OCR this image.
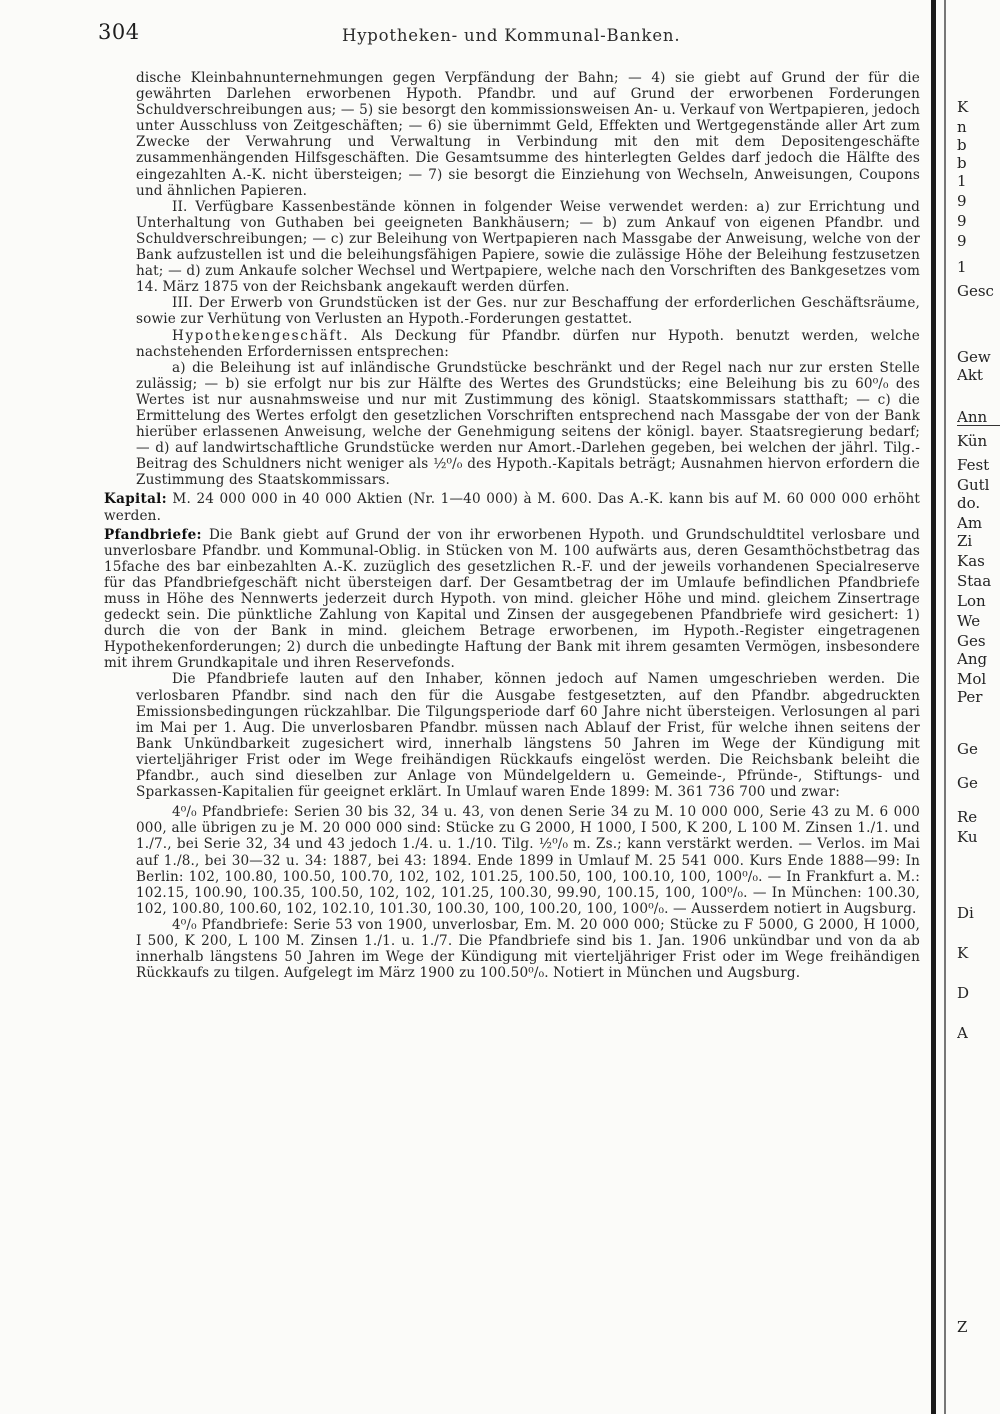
304	Hypotheken- und Kommunal-Banken.

dische Kleinbahnunternehmungen gegen Verpfändung der Bahn; — 4) sie giebt auf Grund der für die gewährten Darlehen erworbenen Hypoth. Pfandbr. und auf Grund der erworbenen Forderungen Schuldverschreibungen aus; — 5) sie besorgt den kommissionsweisen An- u. Verkauf von Wertpapieren, jedoch unter Ausschluss von Zeitgeschäften; — 6) sie übernimmt Geld, Effekten und Wertgegenstände aller Art zum Zwecke der Verwahrung und Verwaltung in Verbindung mit den mit dem Depositengeschäfte zusammenhängenden Hilfsgeschäften. Die Gesamtsumme des hinterlegten Geldes darf jedoch die Hälfte des eingezahlten A.-K. nicht übersteigen; — 7) sie besorgt die Einziehung von Wechseln, Anweisungen, Coupons und ähnlichen Papieren.

II. Verfügbare Kassenbestände können in folgender Weise verwendet werden: a) zur Errichtung und Unterhaltung von Guthaben bei geeigneten Bankhäusern; — b) zum Ankauf von eigenen Pfandbr. und Schuldverschreibungen; — c) zur Beleihung von Wertpapieren nach Massgabe der Anweisung, welche von der Bank aufzustellen ist und die beleihungsfähigen Papiere, sowie die zulässige Höhe der Beleihung festzusetzen hat; — d) zum Ankaufe solcher Wechsel und Wertpapiere, welche nach den Vorschriften des Bankgesetzes vom 14. März 1875 von der Reichsbank angekauft werden dürfen.

III. Der Erwerb von Grundstücken ist der Ges. nur zur Beschaffung der erforderlichen Geschäftsräume, sowie zur Verhütung von Verlusten an Hypoth.-Forderungen gestattet.

Hypothekengeschäft. Als Deckung für Pfandbr. dürfen nur Hypoth. benutzt werden, welche nachstehenden Erfordernissen entsprechen:

a) die Beleihung ist auf inländische Grundstücke beschränkt und der Regel nach nur zur ersten Stelle zulässig; — b) sie erfolgt nur bis zur Hälfte des Wertes des Grundstücks; eine Beleihung bis zu 60⁰/₀ des Wertes ist nur ausnahmsweise und nur mit Zustimmung des königl. Staatskommissars statthaft; — c) die Ermittelung des Wertes erfolgt den gesetzlichen Vorschriften entsprechend nach Massgabe der von der Bank hierüber erlassenen Anweisung, welche der Genehmigung seitens der königl. bayer. Staatsregierung bedarf; — d) auf landwirtschaftliche Grundstücke werden nur Amort.-Darlehen gegeben, bei welchen der jährl. Tilg.-Beitrag des Schuldners nicht weniger als ½⁰/₀ des Hypoth.-Kapitals beträgt; Ausnahmen hiervon erfordern die Zustimmung des Staatskommissars.

Kapital: M. 24 000 000 in 40 000 Aktien (Nr. 1—40 000) à M. 600. Das A.-K. kann bis auf M. 60 000 000 erhöht werden.

Pfandbriefe: Die Bank giebt auf Grund der von ihr erworbenen Hypoth. und Grundschuldtitel verlosbare und unverlosbare Pfandbr. und Kommunal-Oblig. in Stücken von M. 100 aufwärts aus, deren Gesamthöchstbetrag das 15fache des bar einbezahlten A.-K. zuzüglich des gesetzlichen R.-F. und der jeweils vorhandenen Specialreserve für das Pfandbriefgeschäft nicht übersteigen darf. Der Gesamtbetrag der im Umlaufe befindlichen Pfandbriefe muss in Höhe des Nennwerts jederzeit durch Hypoth. von mind. gleicher Höhe und mind. gleichem Zinsertrage gedeckt sein. Die pünktliche Zahlung von Kapital und Zinsen der ausgegebenen Pfandbriefe wird gesichert: 1) durch die von der Bank in mind. gleichem Betrage erworbenen, im Hypoth.-Register eingetragenen Hypothekenforderungen; 2) durch die unbedingte Haftung der Bank mit ihrem gesamten Vermögen, insbesondere mit ihrem Grundkapitale und ihren Reservefonds.

Die Pfandbriefe lauten auf den Inhaber, können jedoch auf Namen umgeschrieben werden. Die verlosbaren Pfandbr. sind nach den für die Ausgabe festgesetzten, auf den Pfandbr. abgedruckten Emissionsbedingungen rückzahlbar. Die Tilgungsperiode darf 60 Jahre nicht übersteigen. Verlosungen al pari im Mai per 1. Aug. Die unverlosbaren Pfandbr. müssen nach Ablauf der Frist, für welche ihnen seitens der Bank Unkündbarkeit zugesichert wird, innerhalb längstens 50 Jahren im Wege der Kündigung mit vierteljähriger Frist oder im Wege freihändigen Rückkaufs eingelöst werden. Die Reichsbank beleiht die Pfandbr., auch sind dieselben zur Anlage von Mündelgeldern u. Gemeinde-, Pfründe-, Stiftungs- und Sparkassen-Kapitalien für geeignet erklärt. In Umlauf waren Ende 1899: M. 361 736 700 und zwar:

4⁰/₀ Pfandbriefe: Serien 30 bis 32, 34 u. 43, von denen Serie 34 zu M. 10 000 000, Serie 43 zu M. 6 000 000, alle übrigen zu je M. 20 000 000 sind: Stücke zu G 2000, H 1000, I 500, K 200, L 100 M. Zinsen 1./1. und 1./7., bei Serie 32, 34 und 43 jedoch 1./4. u. 1./10. Tilg. ½⁰/₀ m. Zs.; kann verstärkt werden. — Verlos. im Mai auf 1./8., bei 30—32 u. 34: 1887, bei 43: 1894. Ende 1899 in Umlauf M. 25 541 000. Kurs Ende 1888—99: In Berlin: 102, 100.80, 100.50, 100.70, 102, 102, 101.25, 100.50, 100, 100.10, 100, 100⁰/₀. — In Frankfurt a. M.: 102.15, 100.90, 100.35, 100.50, 102, 102, 101.25, 100.30, 99.90, 100.15, 100, 100⁰/₀. — In München: 100.30, 102, 100.80, 100.60, 102, 102.10, 101.30, 100.30, 100, 100.20, 100, 100⁰/₀. — Ausserdem notiert in Augsburg.

4⁰/₀ Pfandbriefe: Serie 53 von 1900, unverlosbar, Em. M. 20 000 000; Stücke zu F 5000, G 2000, H 1000, I 500, K 200, L 100 M. Zinsen 1./1. u. 1./7. Die Pfandbriefe sind bis 1. Jan. 1906 unkündbar und von da ab innerhalb längstens 50 Jahren im Wege der Kündigung mit vierteljähriger Frist oder im Wege freihändigen Rückkaufs zu tilgen. Aufgelegt im März 1900 zu 100.50⁰/₀. Notiert in München und Augsburg.

K
n
b
b
1
9
9
9
1
Gesc
Gew
Akt
Ann
Kün
Fest
Gutl
do.
Am
Zi
Kas
Staa
Lon
We
Ges
Ang
Mol
Per
Ge
Ge
Re
Ku
Di
K
D
A
Z
